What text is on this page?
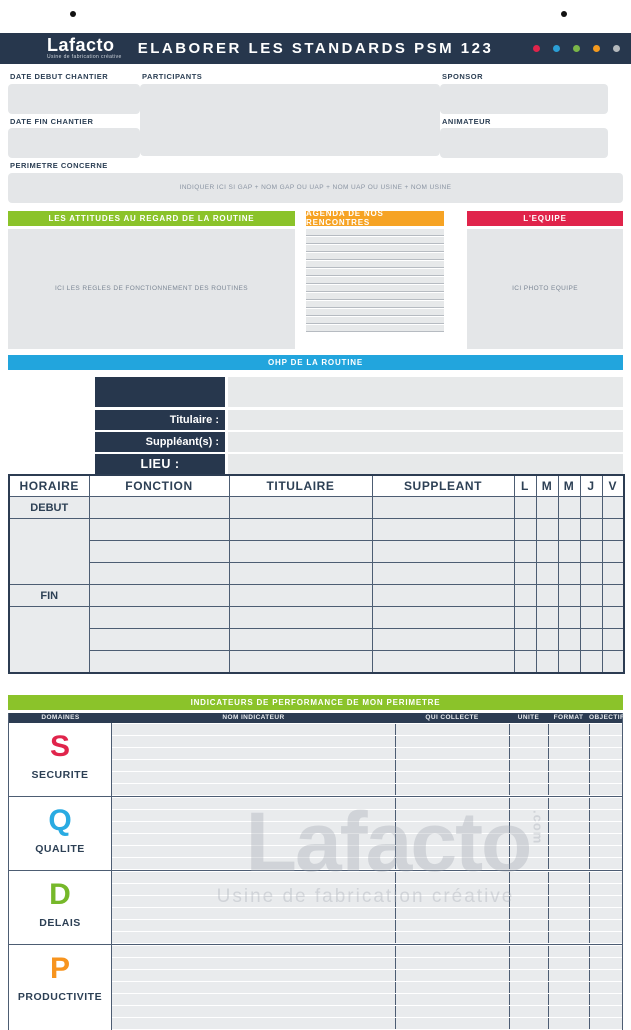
Lafacto
Usine de fabrication créative ELABORER LES STANDARDS PSM 123
DATE DEBUT CHANTIER
DATE FIN CHANTIER
PARTICIPANTS	SPONSOR
ANIMATEUR
PERIMETRE CONCERNE
INDIQUER ICI SI GAP + NOM GAP OU UAP + NOM UAP OU USINE + NOM USINE
LES ATTITUDES AU REGARD DE LA ROUTINE
ICI LES REGLES DE FONCTIONNEMENT DES ROUTINES
AGENDA DE NOS RENCONTRES	L'EQUIPE
ICI PHOTO EQUIPE
OHP DE LA ROUTINE
Titulaire :
Suppléant(s) :
LIEU :
HORAIRE	FONCTION	TITULAIRE	SUPPLEANT	L	M	M	J	V
DEBUT								

FIN								

INDICATEURS DE PERFORMANCE DE MON PERIMETRE
DOMAINES	NOM INDICATEUR	QUI COLLECTE	UNITE	FORMAT OBJECTIF
S
SECURITE
Q
QUALITE
D
DELAIS
P
PRODUCTIVITE
Lafacto.com
Usine de fabrication créative
